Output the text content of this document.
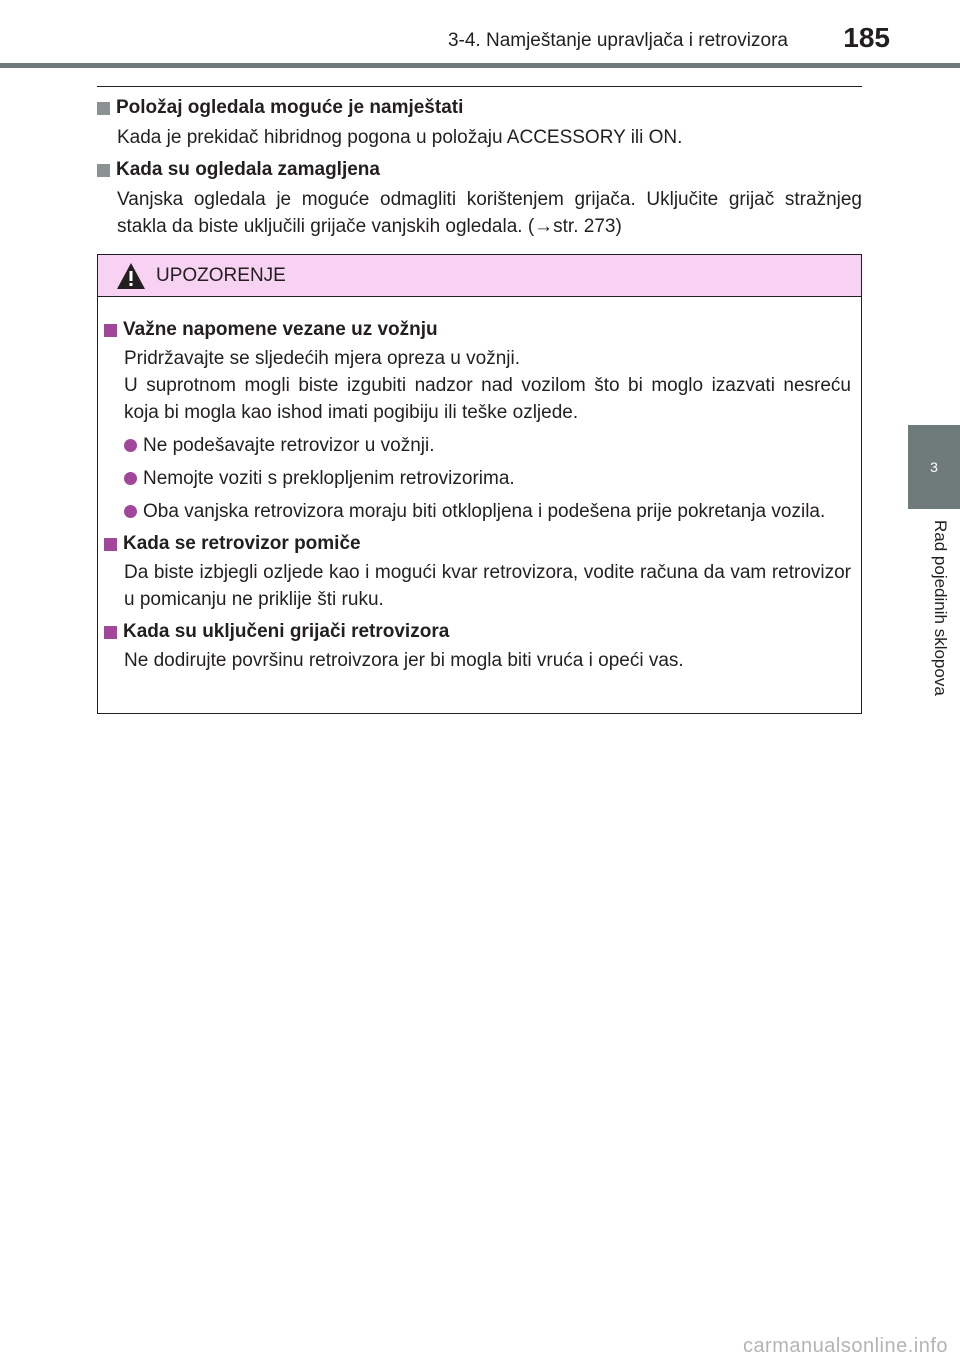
3-4. Namještanje upravljača i retrovizora 185
3
Rad pojedinih sklopova
Položaj ogledala moguće je namještati
Kada je prekidač hibridnog pogona u položaju ACCESSORY ili ON.
Kada su ogledala zamagljena
Vanjska ogledala je moguće odmagliti korištenjem grijača. Uključite grijač stražnjeg stakla da biste uključili grijače vanjskih ogledala. (→str. 273)
UPOZORENJE
Važne napomene vezane uz vožnju
Pridržavajte se sljedećih mjera opreza u vožnji.
U suprotnom mogli biste izgubiti nadzor nad vozilom što bi moglo izazvati nesreću koja bi mogla kao ishod imati pogibiju ili teške ozljede.
Ne podešavajte retrovizor u vožnji.
Nemojte voziti s preklopljenim retrovizorima.
Oba vanjska retrovizora moraju biti otklopljena i podešena prije pokretanja vozila.
Kada se retrovizor pomiče
Da biste izbjegli ozljede kao i mogući kvar retrovizora, vodite računa da vam retrovizor u pomicanju ne priklije šti ruku.
Kada su uključeni grijači retrovizora
Ne dodirujte površinu retroivzora jer bi mogla biti vruća i opeći vas.
carmanualsonline.info
